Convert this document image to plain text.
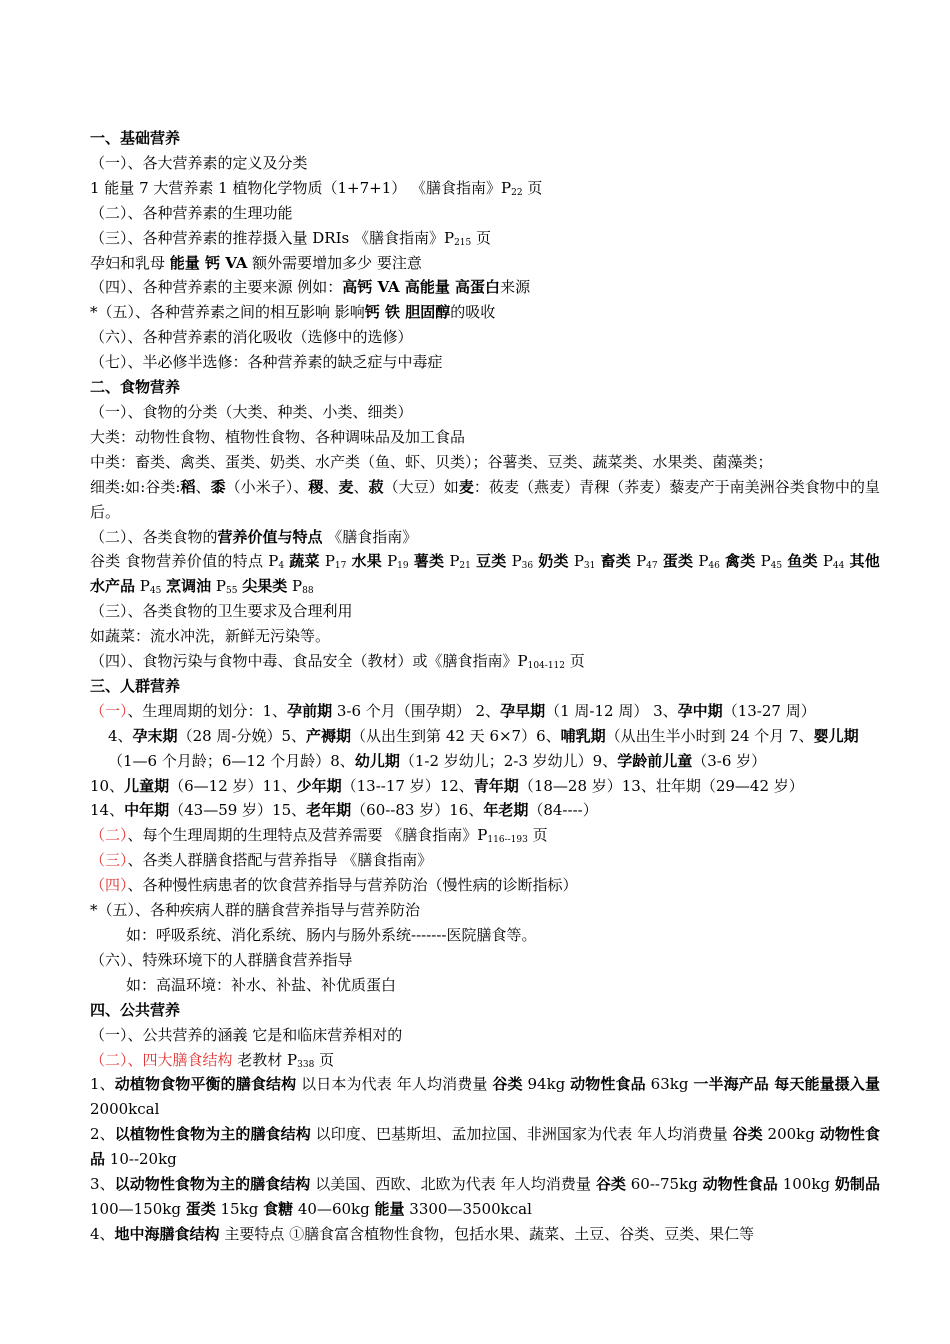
一、基础营养
（一）、各大营养素的定义及分类
1 能量 7 大营养素 1 植物化学物质（1+7+1） 《膳食指南》$P_{22}$ 页
（二）、各种营养素的生理功能
（三）、各种营养素的推荐摄入量 DRIs 《膳食指南》$P_{215}$ 页
孕妇和乳母 能量 钙 VA 额外需要增加多少 要注意
（四）、各种营养素的主要来源 例如：高钙 VA 高能量 高蛋白来源
*（五）、各种营养素之间的相互影响 影响钙 铁 胆固醇的吸收
（六）、各种营养素的消化吸收（选修中的选修）
（七）、半必修半选修：各种营养素的缺乏症与中毒症
二、食物营养
（一）、食物的分类（大类、种类、小类、细类）
大类：动物性食物、植物性食物、各种调味品及加工食品
中类：畜类、禽类、蛋类、奶类、水产类（鱼、虾、贝类）；谷薯类、豆类、蔬菜类、水果类、菌藻类；
细类:如:谷类:稻、黍（小米子）、稷、麦、菽（大豆）如麦：莜麦（燕麦）青稞（荞麦）藜麦产于南美洲谷类食物中的皇后。
（二）、各类食物的营养价值与特点 《膳食指南》
谷类 食物营养价值的特点 $P_4$ 蔬菜 $P_{17}$ 水果 $P_{19}$ 薯类 $P_{21}$ 豆类 $P_{36}$ 奶类 $P_{31}$ 畜类 $P_{47}$ 蛋类 $P_{46}$ 禽类 $P_{45}$ 鱼类 $P_{44}$ 其他水产品 $P_{45}$ 烹调油 $P_{55}$ 尖果类 $P_{88}$
（三）、各类食物的卫生要求及合理利用
如蔬菜：流水冲洗，新鲜无污染等。
（四）、食物污染与食物中毒、食品安全（教材）或《膳食指南》$P_{104-112}$ 页
三、人群营养
（一）、生理周期的划分：1、孕前期 3-6 个月（围孕期） 2、孕早期（1 周-12 周） 3、孕中期（13-27 周）
4、孕末期（28 周-分娩）5、产褥期（从出生到第 42 天 6×7）6、哺乳期（从出生半小时到 24 个月 7、婴儿期
（1—6 个月龄；6—12 个月龄）8、幼儿期（1-2 岁幼儿；2-3 岁幼儿）9、学龄前儿童（3-6 岁）
10、儿童期（6—12 岁）11、少年期（13--17 岁）12、青年期（18—28 岁）13、壮年期（29—42 岁）
14、中年期（43—59 岁）15、老年期（60--83 岁）16、年老期（84----）
（二）、每个生理周期的生理特点及营养需要 《膳食指南》$P_{116--193}$ 页
（三）、各类人群膳食搭配与营养指导 《膳食指南》
（四）、各种慢性病患者的饮食营养指导与营养防治（慢性病的诊断指标）
*（五）、各种疾病人群的膳食营养指导与营养防治
如：呼吸系统、消化系统、肠内与肠外系统-------医院膳食等。
（六）、特殊环境下的人群膳食营养指导
如：高温环境：补水、补盐、补优质蛋白
四、公共营养
（一）、公共营养的涵義 它是和临床营养相对的
（二）、四大膳食结构 老教材 $P_{338}$ 页
1、动植物食物平衡的膳食结构 以日本为代表 年人均消费量 谷类 94kg 动物性食品 63kg 一半海产品 每天能量摄入量 2000kcal
2、以植物性食物为主的膳食结构 以印度、巴基斯坦、孟加拉国、非洲国家为代表 年人均消费量 谷类 200kg 动物性食品 10--20kg
3、以动物性食物为主的膳食结构 以美国、西欧、北欧为代表 年人均消费量 谷类 60--75kg 动物性食品 100kg 奶制品 100—150kg 蛋类 15kg 食糖 40—60kg 能量 3300—3500kcal
4、地中海膳食结构 主要特点 ①膳食富含植物性食物，包括水果、蔬菜、土豆、谷类、豆类、果仁等
